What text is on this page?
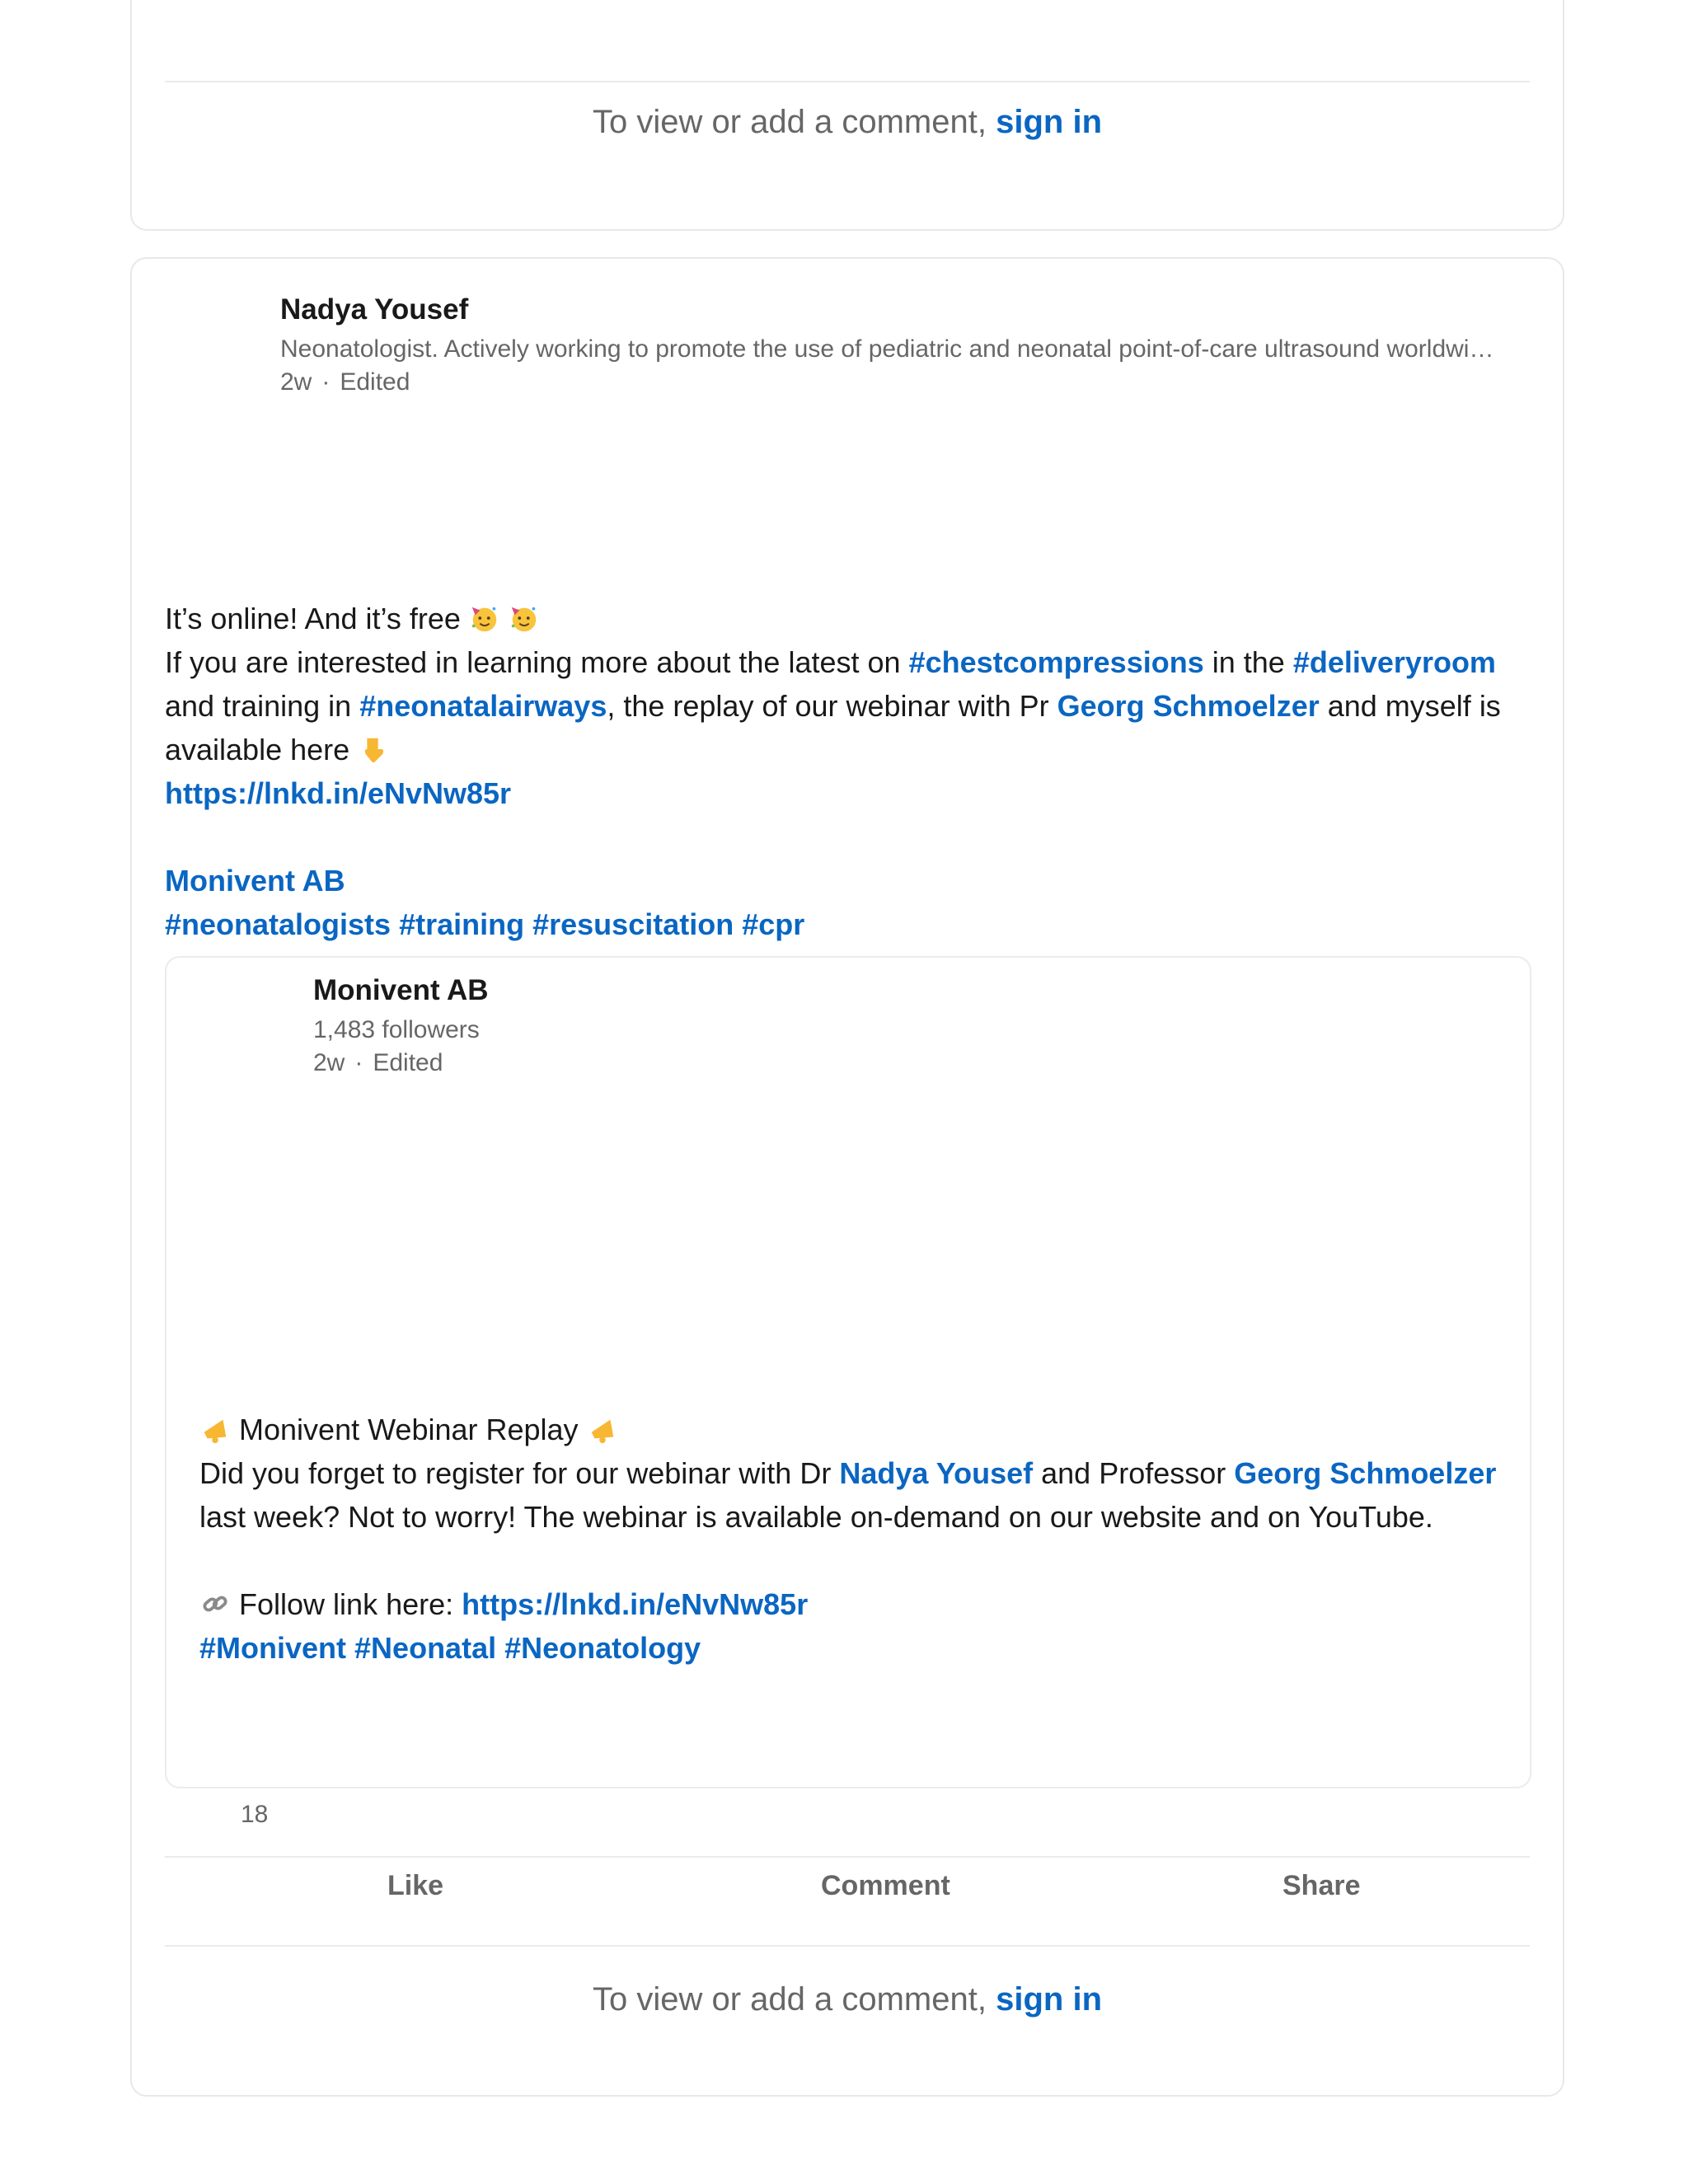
To view or add a comment, sign in
Nadya Yousef
Neonatologist. Actively working to promote the use of pediatric and neonatal point-of-care ultrasound worldwi…
2w · Edited
It’s online! And it’s free
If you are interested in learning more about the latest on #chestcompressions in the #deliveryroom and training in #neonatalairways, the replay of our webinar with Pr Georg Schmoelzer and myself is available here
https://lnkd.in/eNvNw85r
Monivent AB
#neonatalogists #training #resuscitation #cpr
Monivent AB
1,483 followers
2w · Edited
Monivent Webinar Replay
Did you forget to register for our webinar with Dr Nadya Yousef and Professor Georg Schmoelzer last week? Not to worry! The webinar is available on-demand on our website and on YouTube.
Follow link here: https://lnkd.in/eNvNw85r
#Monivent #Neonatal #Neonatology
18
Like	Comment	Share
To view or add a comment, sign in
